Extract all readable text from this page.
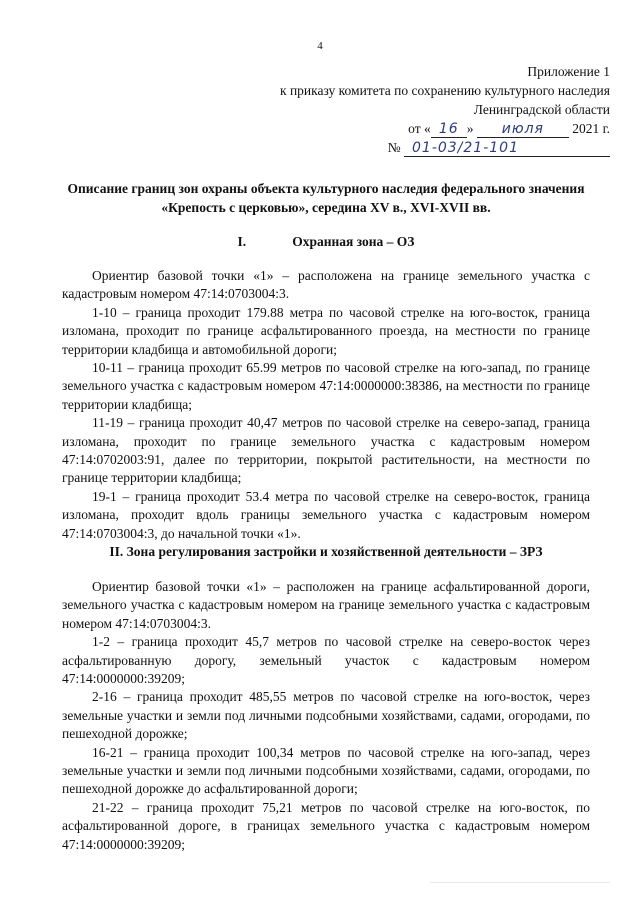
4
Приложение 1
к приказу комитета по сохранению культурного наследия
Ленинградской области
от « 16 » июля 2021 г.
№ 01-03/21-101
Описание границ зон охраны объекта культурного наследия федерального значения «Крепость с церковью», середина XV в., XVI-XVII вв.
I.	Охранная зона – ОЗ

Ориентир базовой точки «1» – расположена на границе земельного участка с кадастровым номером 47:14:0703004:3.

1-10 – граница проходит 179.88 метра по часовой стрелке на юго-восток, граница изломана, проходит по границе асфальтированного проезда, на местности по границе территории кладбища и автомобильной дороги;

10-11 – граница проходит 65.99 метров по часовой стрелке на юго-запад, по границе земельного участка с кадастровым номером 47:14:0000000:38386, на местности по границе территории кладбища;

11-19 – граница проходит 40,47 метров по часовой стрелке на северо-запад, граница изломана, проходит по границе земельного участка с кадастровым номером 47:14:0702003:91, далее по территории, покрытой растительности, на местности по границе территории кладбища;

19-1 – граница проходит 53.4 метра по часовой стрелке на северо-восток, граница изломана, проходит вдоль границы земельного участка с кадастровым номером 47:14:0703004:3, до начальной точки «1».

II. Зона регулирования застройки и хозяйственной деятельности – ЗРЗ

Ориентир базовой точки «1» – расположен на границе асфальтированной дороги, земельного участка с кадастровым номером на границе земельного участка с кадастровым номером 47:14:0703004:3.

1-2 – граница проходит 45,7 метров по часовой стрелке на северо-восток через асфальтированную дорогу, земельный участок с кадастровым номером 47:14:0000000:39209;

2-16 – граница проходит 485,55 метров по часовой стрелке на юго-восток, через земельные участки и земли под личными подсобными хозяйствами, садами, огородами, по пешеходной дорожке;

16-21 – граница проходит 100,34 метров по часовой стрелке на юго-запад, через земельные участки и земли под личными подсобными хозяйствами, садами, огородами, по пешеходной дорожке до асфальтированной дороги;

21-22 – граница проходит 75,21 метров по часовой стрелке на юго-восток, по асфальтированной дороге, в границах земельного участка с кадастровым номером 47:14:0000000:39209;
